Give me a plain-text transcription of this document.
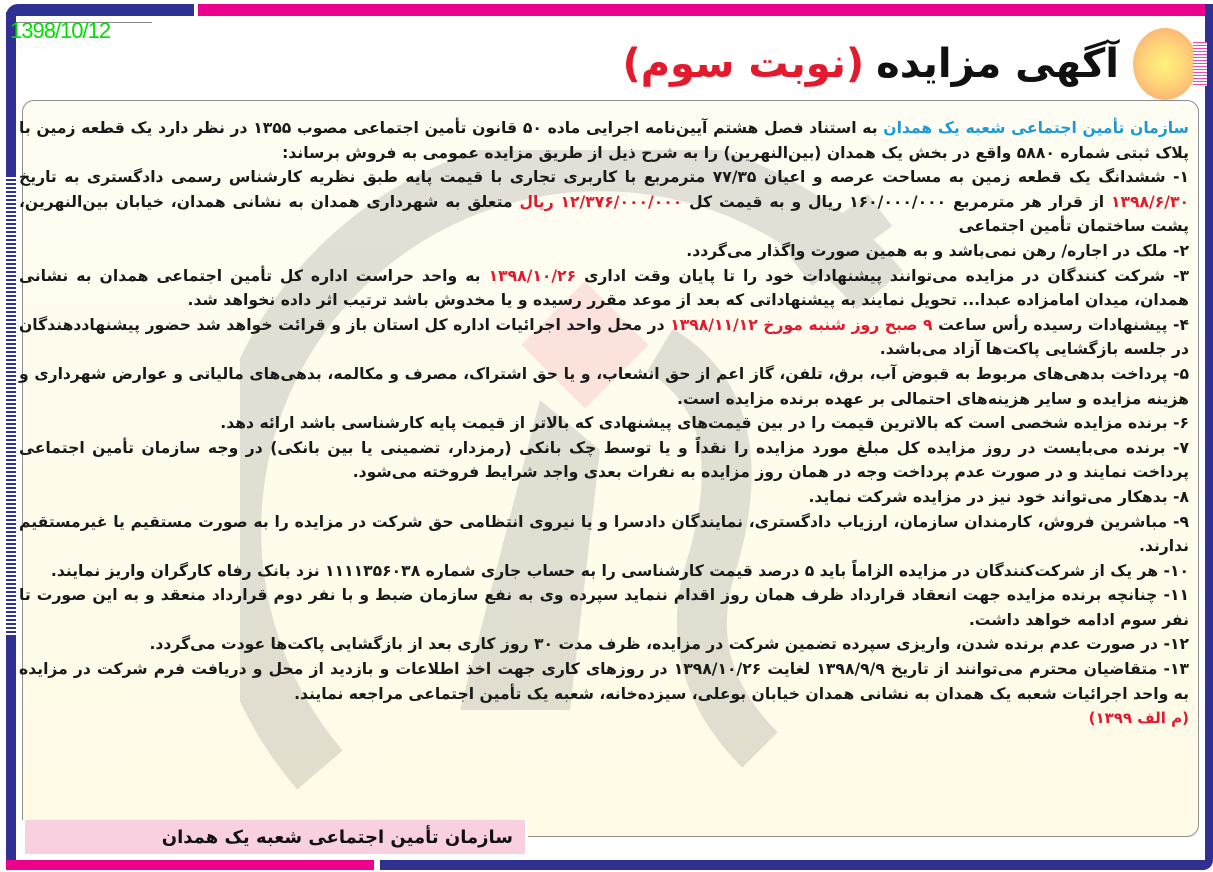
1398/10/12
آگهی مزایده(نوبت سوم)

سازمان تأمین اجتماعی شعبه یک همدان به استناد فصل هشتم آیین‌نامه اجرایی ماده ۵۰ قانون تأمین اجتماعی مصوب ۱۳۵۵ در نظر دارد یک قطعه زمین با پلاک ثبتی شماره ۵۸۸۰ واقع در بخش یک همدان (بین‌النهرین) را به شرح ذیل از طریق مزایده عمومی به فروش برساند:

۱- ششدانگ یک قطعه زمین به مساحت عرصه و اعیان ۷۷/۳۵ مترمربع با کاربری تجاری با قیمت پایه طبق نظریه کارشناس رسمی دادگستری به تاریخ ۱۳۹۸/۶/۳۰ از قرار هر مترمربع ۱۶۰/۰۰۰/۰۰۰ ریال و به قیمت کل ۱۲/۳۷۶/۰۰۰/۰۰۰ ریال متعلق به شهرداری همدان به نشانی همدان، خیابان بین‌النهرین، پشت ساختمان تأمین اجتماعی

۲- ملک در اجاره/ رهن نمی‌باشد و به همین صورت واگذار می‌گردد.

۳- شرکت کنندگان در مزایده می‌توانند پیشنهادات خود را تا پایان وقت اداری ۱۳۹۸/۱۰/۲۶ به واحد حراست اداره کل تأمین اجتماعی همدان به نشانی همدان، میدان امامزاده عبدا... تحویل نمایند به پیشنهاداتی که بعد از موعد مقرر رسیده و یا مخدوش باشد ترتیب اثر داده نخواهد شد.

۴- پیشنهادات رسیده رأس ساعت ۹ صبح روز شنبه مورخ ۱۳۹۸/۱۱/۱۲ در محل واحد اجرائیات اداره کل استان باز و قرائت خواهد شد حضور پیشنهاددهندگان در جلسه بازگشایی پاکت‌ها آزاد می‌باشد.

۵- پرداخت بدهی‌های مربوط به قبوض آب، برق، تلفن، گاز اعم از حق انشعاب، و یا حق اشتراک، مصرف و مکالمه، بدهی‌های مالیاتی و عوارض شهرداری و هزینه مزایده و سایر هزینه‌های احتمالی بر عهده برنده مزایده است.

۶- برنده مزایده شخصی است که بالاترین قیمت را در بین قیمت‌های پیشنهادی که بالاتر از قیمت پایه کارشناسی باشد ارائه دهد.

۷- برنده می‌بایست در روز مزایده کل مبلغ مورد مزایده را نقداً و یا توسط چک بانکی (رمزدار، تضمینی یا بین بانکی) در وجه سازمان تأمین اجتماعی پرداخت نمایند و در صورت عدم پرداخت وجه در همان روز مزایده به نفرات بعدی واجد شرایط فروخته می‌شود.

۸- بدهکار می‌تواند خود نیز در مزایده شرکت نماید.

۹- مباشرین فروش، کارمندان سازمان، ارزیاب دادگستری، نمایندگان دادسرا و یا نیروی انتظامی حق شرکت در مزایده را به صورت مستقیم یا غیرمستقیم ندارند.

۱۰- هر یک از شرکت‌کنندگان در مزایده الزاماً باید ۵ درصد قیمت کارشناسی را به حساب جاری شماره ۱۱۱۱۳۵۶۰۳۸ نزد بانک رفاه کارگران واریز نمایند.

۱۱- چنانچه برنده مزایده جهت انعقاد قرارداد ظرف همان روز اقدام ننماید سپرده وی به نفع سازمان ضبط و با نفر دوم قرارداد منعقد و به این صورت تا نفر سوم ادامه خواهد داشت.

۱۲- در صورت عدم برنده شدن، واریزی سپرده تضمین شرکت در مزایده، ظرف مدت ۳۰ روز کاری بعد از بازگشایی پاکت‌ها عودت می‌گردد.

۱۳- متقاضیان محترم می‌توانند از تاریخ ۱۳۹۸/۹/۹ لغایت ۱۳۹۸/۱۰/۲۶ در روزهای کاری جهت اخذ اطلاعات و بازدید از محل و دریافت فرم شرکت در مزایده به واحد اجرائیات شعبه یک همدان به نشانی همدان خیابان بوعلی، سیزده‌خانه، شعبه یک تأمین اجتماعی مراجعه نمایند.

(م الف ۱۳۹۹)

سازمان تأمین اجتماعی شعبه یک همدان
